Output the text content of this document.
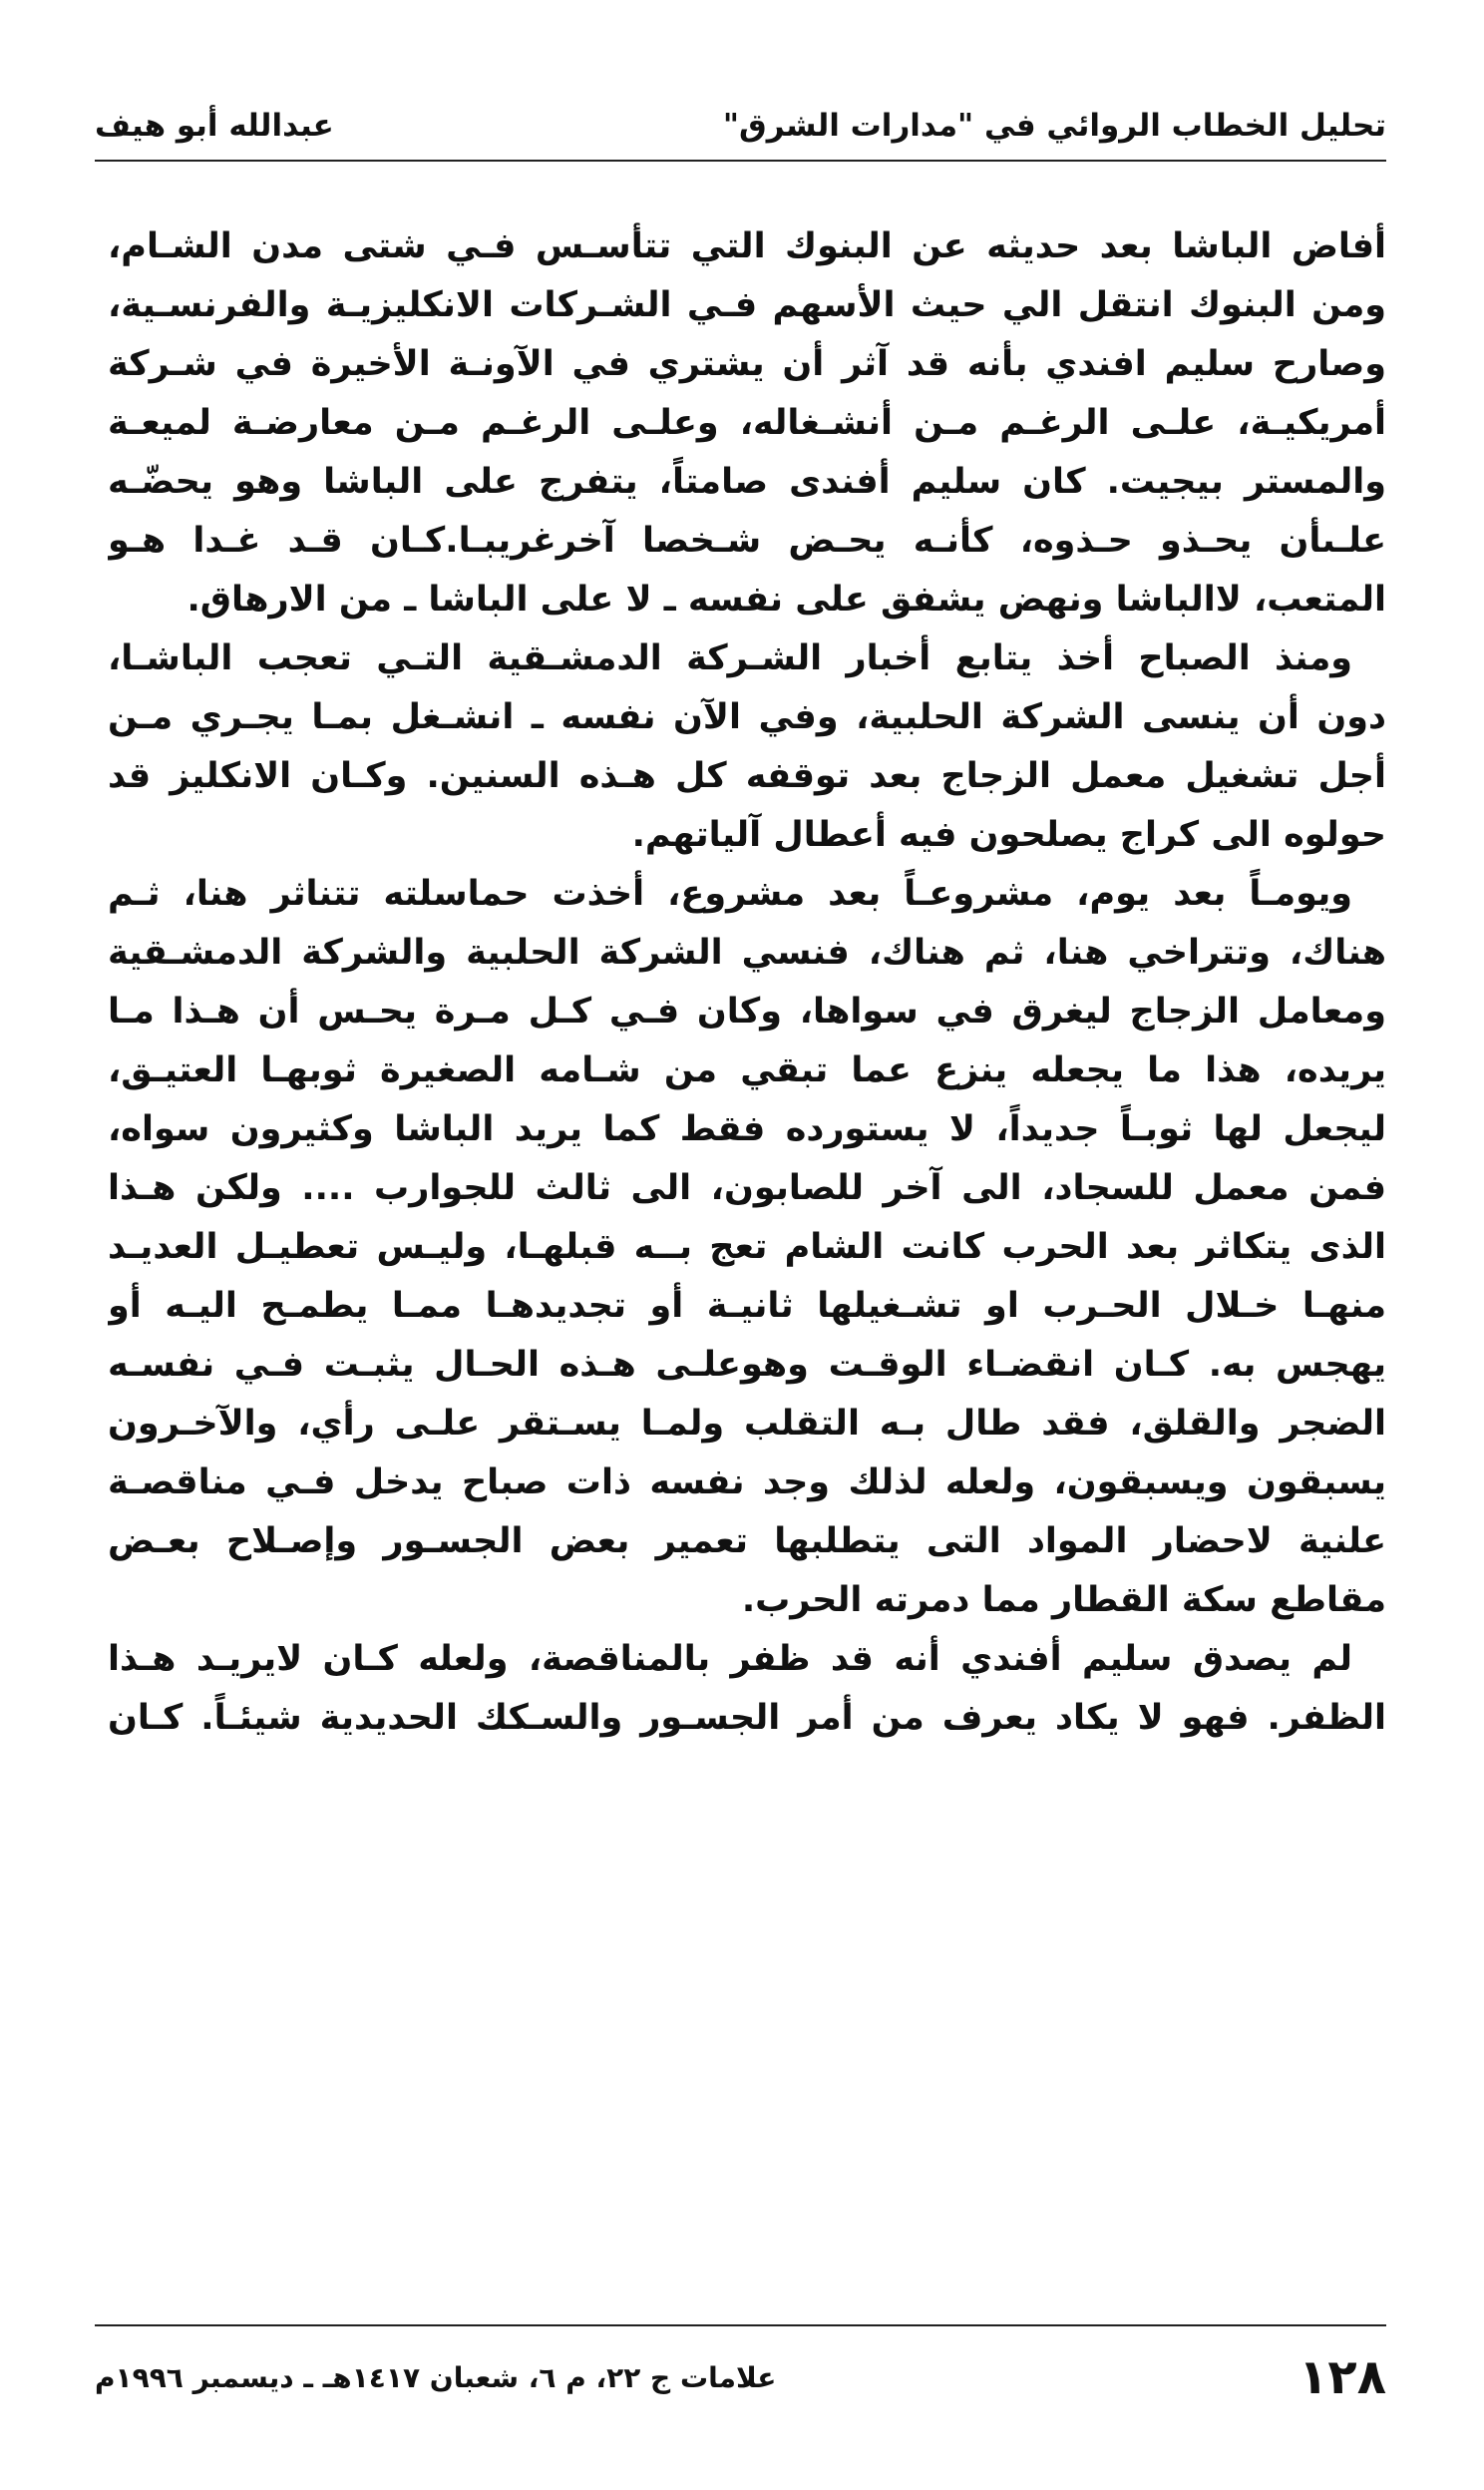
تحليل الخطاب الروائي في "مدارات الشرق"
عبدالله أبو هيف
أفاض الباشا بعد حديثه عن البنوك التي تتأسـس فـي شتى مدن الشـام،
ومن البنوك انتقل الي حيث الأسهم فـي الشـركات الانكليزيـة والفرنسـية،
وصارح سليم افندي بأنه قد آثر أن يشتري في الآونـة الأخيرة في شـركة
أمريكيـة، علـى الرغـم مـن أنشـغاله، وعلـى الرغـم مـن معارضـة لميعـة
والمستر بيجيت. كان سليم أفندى صامتاً، يتفرج على الباشا وهو يحضّـه
علـىأن يحـذو حـذوه، كأنـه يحـض شـخصا آخرغريبـا.كـان قـد غـدا هـو
المتعب، لاالباشا ونهض يشفق على نفسه ـ لا على الباشا ـ من الارهاق.
ومنذ الصباح أخذ يتابع أخبار الشـركة الدمشـقية التـي تعجب الباشـا،
دون أن ينسى الشركة الحلبية، وفي الآن نفسه ـ انشـغل بمـا يجـري مـن
أجل تشغيل معمل الزجاج بعد توقفه كل هـذه السنين. وكـان الانكليز قد
حولوه الى كراج يصلحون فيه أعطال آلياتهم.
ويومـاً بعد يوم، مشروعـاً بعد مشروع، أخذت حماسلته تتناثر هنا، ثـم
هناك، وتتراخي هنا، ثم هناك، فنسي الشركة الحلبية والشركة الدمشـقية
ومعامل الزجاج ليغرق في سواها، وكان فـي كـل مـرة يحـس أن هـذا مـا
يريده، هذا ما يجعله ينزع عما تبقي من شـامه الصغيرة ثوبهـا العتيـق،
ليجعل لها ثوبـاً جديداً، لا يستورده فقط كما يريد الباشا وكثيرون سواه،
فمن معمل للسجاد، الى آخر للصابون، الى ثالث للجوارب .... ولكن هـذا
الذى يتكاثر بعد الحرب كانت الشام تعج بــه قبلهـا، وليـس تعطيـل العديـد
منهـا خـلال الحـرب او تشـغيلها ثانيـة أو تجديدهـا ممـا يطمـح اليـه أو
يهجس به. كـان انقضـاء الوقـت وهوعلـى هـذه الحـال يثبـت فـي نفسـه
الضجر والقلق، فقد طال بـه التقلب ولمـا يسـتقر علـى رأي، والآخـرون
يسبقون ويسبقون، ولعله لذلك وجد نفسه ذات صباح يدخل فـي مناقصـة
علنية لاحضار المواد التى يتطلبها تعمير بعض الجسـور وإصـلاح بعـض
مقاطع سكة القطار مما دمرته الحرب.
لم يصدق سليم أفندي أنه قد ظفر بالمناقصة، ولعله كـان لايريـد هـذا
الظفر. فهو لا يكاد يعرف من أمر الجسـور والسـكك الحديدية شيئـاً. كـان
١٢٨
علامات ج ٢٢، م ٦، شعبان ١٤١٧هـ ـ ديسمبر ١٩٩٦م
